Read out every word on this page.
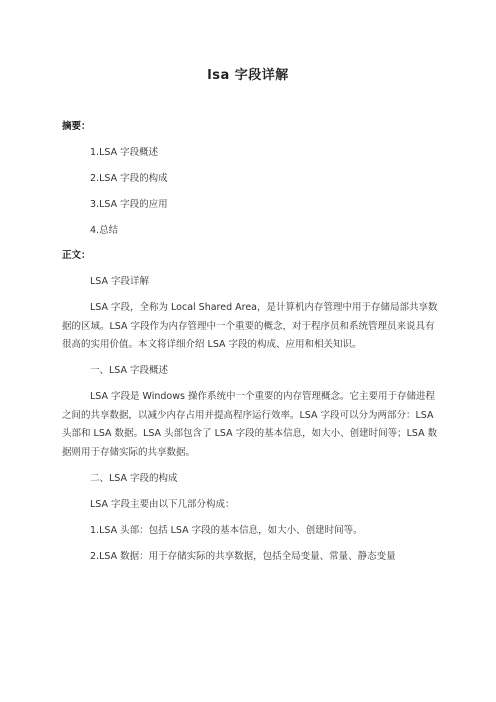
lsa 字段详解

摘要：

1.LSA 字段概述

2.LSA 字段的构成

3.LSA 字段的应用

4.总结

正文：

LSA 字段详解

LSA 字段，全称为 Local Shared Area，是计算机内存管理中用于存储局部共享数据的区域。LSA 字段作为内存管理中一个重要的概念，对于程序员和系统管理员来说具有很高的实用价值。本文将详细介绍 LSA 字段的构成、应用和相关知识。

一、LSA 字段概述

LSA 字段是 Windows 操作系统中一个重要的内存管理概念。它主要用于存储进程之间的共享数据，以减少内存占用并提高程序运行效率。LSA 字段可以分为两部分：LSA 头部和 LSA 数据。LSA 头部包含了 LSA 字段的基本信息，如大小、创建时间等；LSA 数据则用于存储实际的共享数据。

二、LSA 字段的构成

LSA 字段主要由以下几部分构成：

1.LSA 头部：包括 LSA 字段的基本信息，如大小、创建时间等。

2.LSA 数据：用于存储实际的共享数据，包括全局变量、常量、静态变量
